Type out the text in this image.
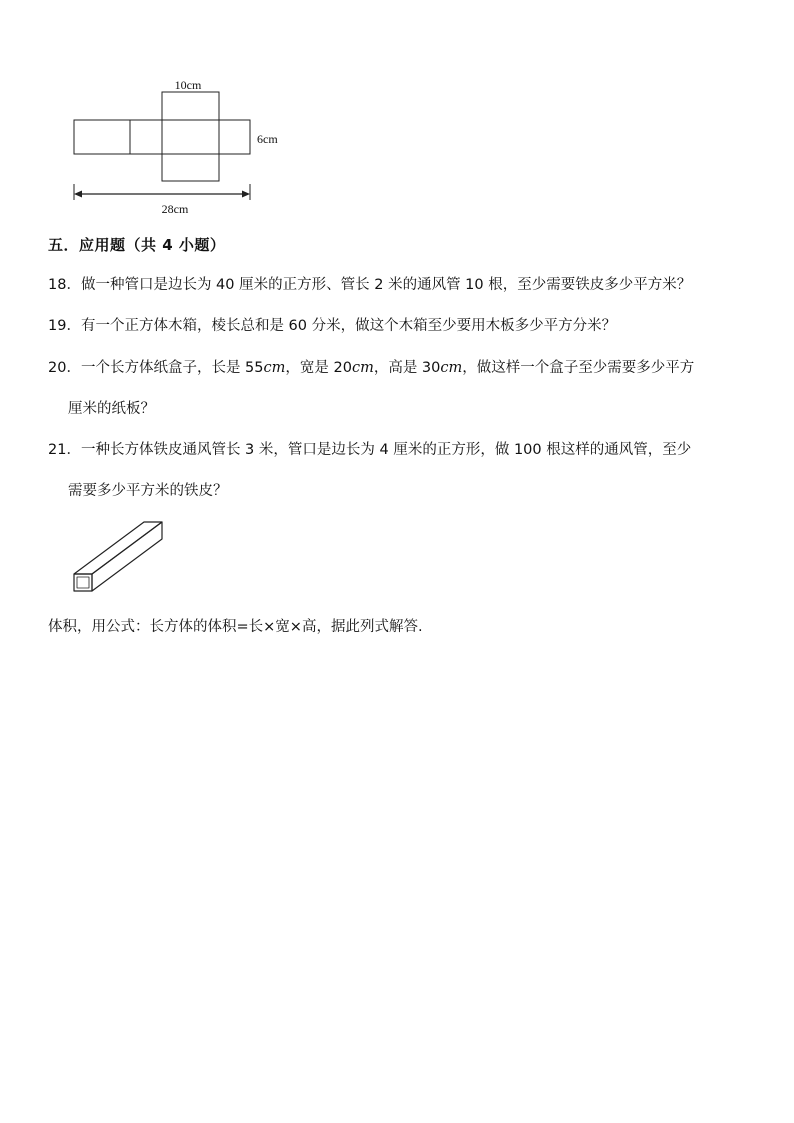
10cm
6cm
28cm
五．应用题（共 4 小题）
18．做一种管口是边长为 40 厘米的正方形、管长 2 米的通风管 10 根，至少需要铁皮多少平方米？
19．有一个正方体木箱，棱长总和是 60 分米，做这个木箱至少要用木板多少平方分米？
20．一个长方体纸盒子，长是 55cm，宽是 20cm，高是 30cm，做这样一个盒子至少需要多少平方
厘米的纸板？
21．一种长方体铁皮通风管长 3 米，管口是边长为 4 厘米的正方形，做 100 根这样的通风管，至少
需要多少平方米的铁皮？
体积，用公式：长方体的体积=长×宽×高，据此列式解答.
